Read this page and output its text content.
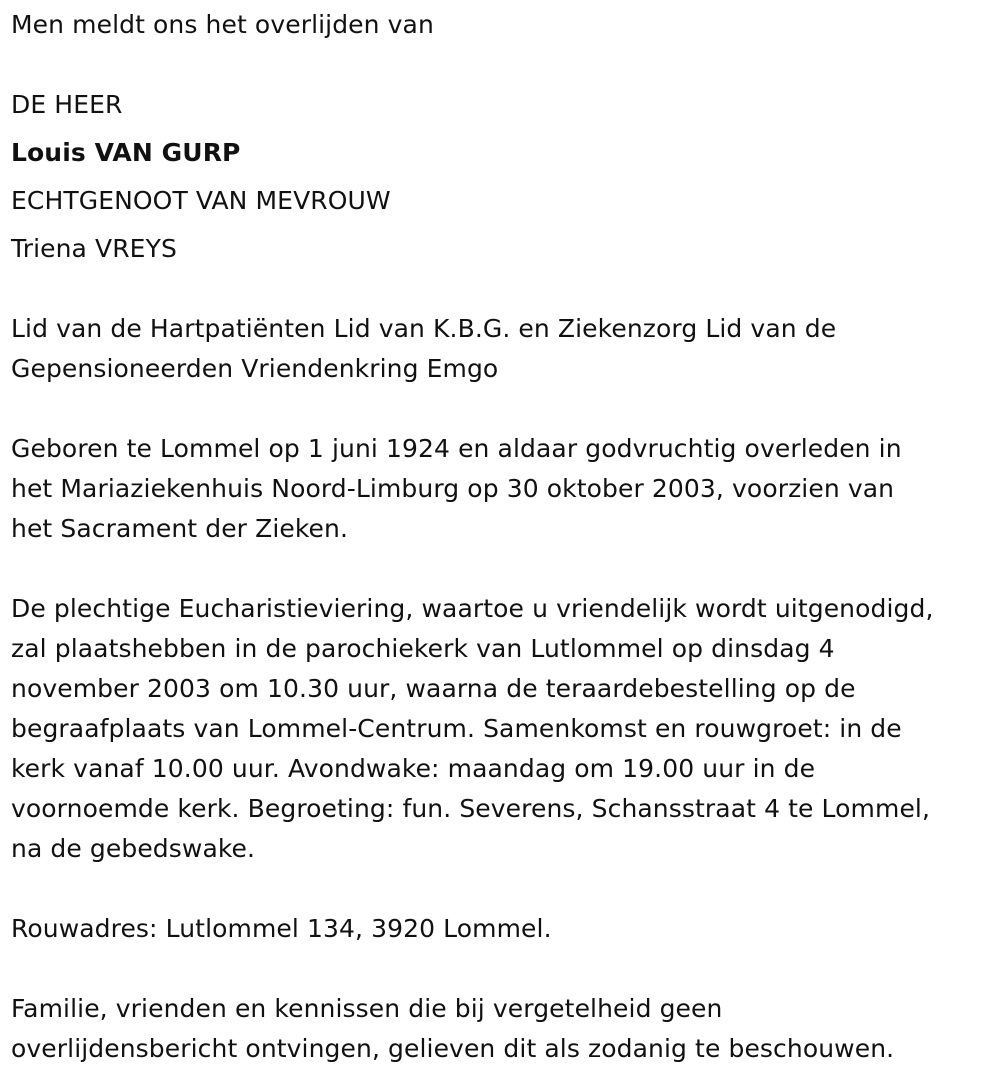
Men meldt ons het overlijden van
DE HEER
Louis VAN GURP
ECHTGENOOT VAN MEVROUW
Triena VREYS
Lid van de Hartpatiënten Lid van K.B.G. en Ziekenzorg Lid van de
Gepensioneerden Vriendenkring Emgo
Geboren te Lommel op 1 juni 1924 en aldaar godvruchtig overleden in
het Mariaziekenhuis Noord-Limburg op 30 oktober 2003, voorzien van
het Sacrament der Zieken.
De plechtige Eucharistieviering, waartoe u vriendelijk wordt uitgenodigd,
zal plaatshebben in de parochiekerk van Lutlommel op dinsdag 4
november 2003 om 10.30 uur, waarna de teraardebestelling op de
begraafplaats van Lommel-Centrum. Samenkomst en rouwgroet: in de
kerk vanaf 10.00 uur. Avondwake: maandag om 19.00 uur in de
voornoemde kerk. Begroeting: fun. Severens, Schansstraat 4 te Lommel,
na de gebedswake.
Rouwadres: Lutlommel 134, 3920 Lommel.
Familie, vrienden en kennissen die bij vergetelheid geen
overlijdensbericht ontvingen, gelieven dit als zodanig te beschouwen.
